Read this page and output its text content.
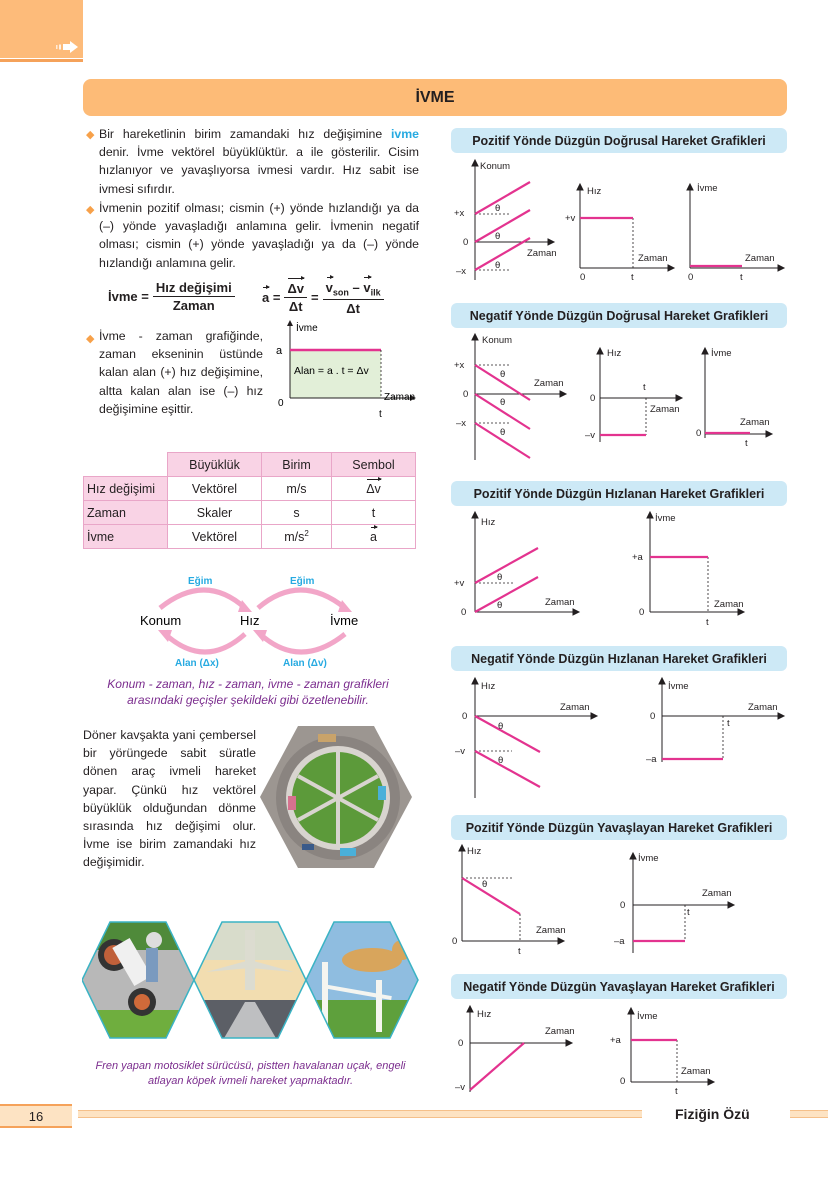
İVME
◆ Bir hareketlinin birim zamandaki hız değişimine ivme denir. İvme vektörel büyüklüktür. a ile gösterilir. Cisim hızlanıyor ve yavaşlıyorsa ivmesi vardır. Hız sabit ise ivmesi sıfırdır.

◆ İvmenin pozitif olması; cismin (+) yönde hızlandığı ya da (–) yönde yavaşladığı anlamına gelir. İvmenin negatif olması; cismin (+) yönde yavaşladığı ya da (–) yönde hızlandığı anlamına gelir.

İvme
= $\frac{\text{Hız değişimi}}{\text{Zaman}}$ a
= $\frac{\Delta v}{\Delta t} = \frac{v_{son} - v_{ilk}}{\Delta t}$
◆ İvme - zaman grafiğinde, zaman ekseninin üstünde kalan alan (+) hız değişimine, altta kalan alan ise (–) hız değişimine eşittir.

İvme
a
0
t
Zaman
Alan = a . t = Δv
	Büyüklük	Birim	Sembol
Hız değişimi	Vektörel	m/s	Δv
Zaman	Skaler	s	t
İvme	Vektörel	$m/s^2$	a
Eğim	Eğim
Konum	Hız	İvme
Alan (Δx)	Alan (Δv)

Konum - zaman, hız - zaman, ivme - zaman grafikleri arasındaki geçişler şekildeki gibi özetlenebilir.

Döner kavşakta yani çembersel bir yörüngede sabit süratle dönen araç ivmeli hareket yapar. Çünkü hız vektörel büyüklük olduğundan dönme sırasında hız değişimi olur. İvme ise birim zamandaki hız değişimidir.

Fren yapan motosiklet sürücüsü, pistten havalanan uçak, engeli atlayan köpek ivmeli hareket yapmaktadır.

Pozitif Yönde Düzgün Doğrusal Hareket Grafikleri
Konum
+x
0
–x
Zaman
θ
θ
θ
Hız
+v
0	t
Zaman
İvme
0	t
Zaman
Negatif Yönde Düzgün Doğrusal Hareket Grafikleri
Konum
+x
0
–x
Zaman
θ
θ
θ
Hız
0
t
Zaman
–v
İvme
0
t
Zaman
Pozitif Yönde Düzgün Hızlanan Hareket Grafikleri
Hız
+v
0
θ
θ	Zaman
İvme
+a
0
t
Zaman
Negatif Yönde Düzgün Hızlanan Hareket Grafikleri
Hız
0
–v
θ
θ
Zaman
İvme
0
t
–a
Zaman
Pozitif Yönde Düzgün Yavaşlayan Hareket Grafikleri
Hız
0
θ
t
Zaman
İvme
0
t
–a
Zaman
Negatif Yönde Düzgün Yavaşlayan Hareket Grafikleri
Hız
0
–v
Zaman
İvme
+a
0
t
Zaman
16	Fiziğin Özü
